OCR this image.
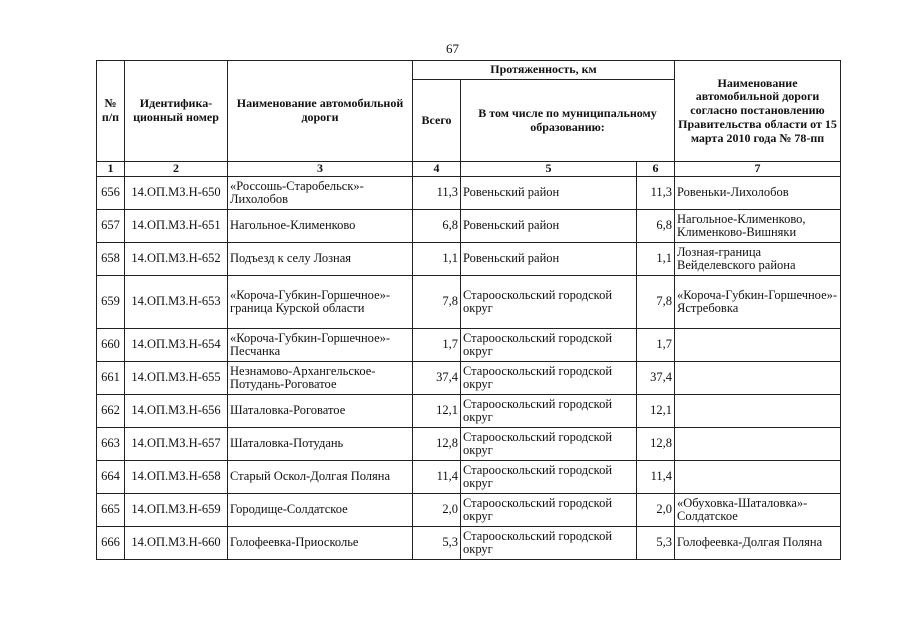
67
№ п/п	Идентифика-ционный номер	Наименование автомобильной дороги	Протяженность, км			Наименование автомобильной дороги согласно постановлению Правительства области от 15 марта 2010 года № 78-пп
			Всего	В том числе по муниципальному образованию:		
1	2	3	4	5	6	7
656	14.ОП.МЗ.Н-650	«Россошь-Старобельск»-Лихолобов	11,3	Ровеньский район	11,3	Ровеньки-Лихолобов
657	14.ОП.МЗ.Н-651	Нагольное-Клименково	6,8	Ровеньский район	6,8	Нагольное-Клименково, Клименково-Вишняки
658	14.ОП.МЗ.Н-652	Подъезд к селу Лозная	1,1	Ровеньский район	1,1	Лозная-граница Вейделевского района
659	14.ОП.МЗ.Н-653	«Короча-Губкин-Горшечное»-граница Курской области	7,8	Старооскольский городской округ	7,8	«Короча-Губкин-Горшечное»-Ястребовка
660	14.ОП.МЗ.Н-654	«Короча-Губкин-Горшечное»-Песчанка	1,7	Старооскольский городской округ	1,7	
661	14.ОП.МЗ.Н-655	Незнамово-Архангельское-Потудань-Роговатое	37,4	Старооскольский городской округ	37,4	
662	14.ОП.МЗ.Н-656	Шаталовка-Роговатое	12,1	Старооскольский городской округ	12,1	
663	14.ОП.МЗ.Н-657	Шаталовка-Потудань	12,8	Старооскольский городской округ	12,8	
664	14.ОП.МЗ.Н-658	Старый Оскол-Долгая Поляна	11,4	Старооскольский городской округ	11,4	
665	14.ОП.МЗ.Н-659	Городище-Солдатское	2,0	Старооскольский городской округ	2,0	«Обуховка-Шаталовка»-Солдатское
666	14.ОП.МЗ.Н-660	Голофеевка-Приосколье	5,3	Старооскольский городской округ	5,3	Голофеевка-Долгая Поляна
